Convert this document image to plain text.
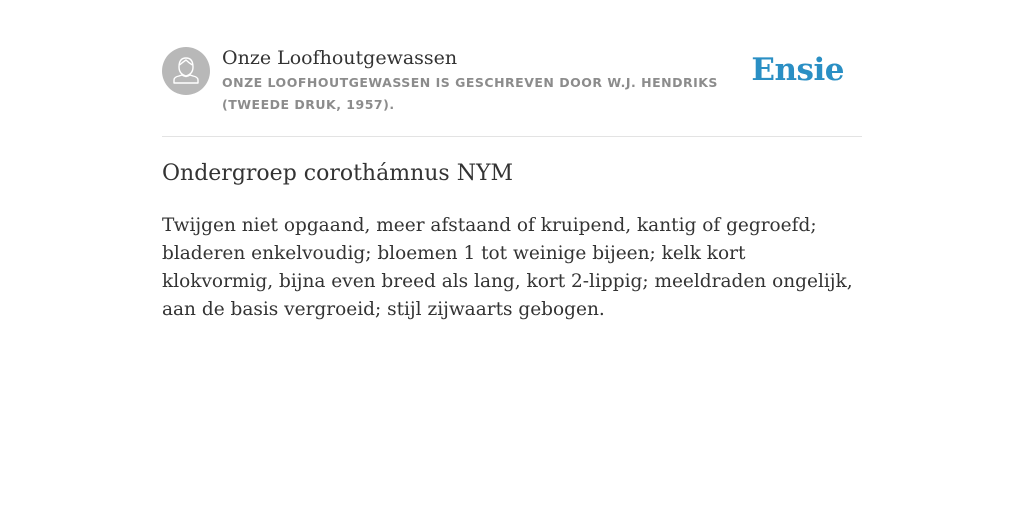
Onze Loofhoutgewassen
ONZE LOOFHOUTGEWASSEN IS GESCHREVEN DOOR W.J. HENDRIKS (TWEEDE DRUK, 1957).
Ensie
Ondergroep corothámnus NYM

Twijgen niet opgaand, meer afstaand of kruipend, kantig of gegroefd; bladeren enkelvoudig; bloemen 1 tot weinige bijeen; kelk kort klokvormig, bijna even breed als lang, kort 2-lippig; meeldraden ongelijk, aan de basis vergroeid; stijl zijwaarts gebogen.
